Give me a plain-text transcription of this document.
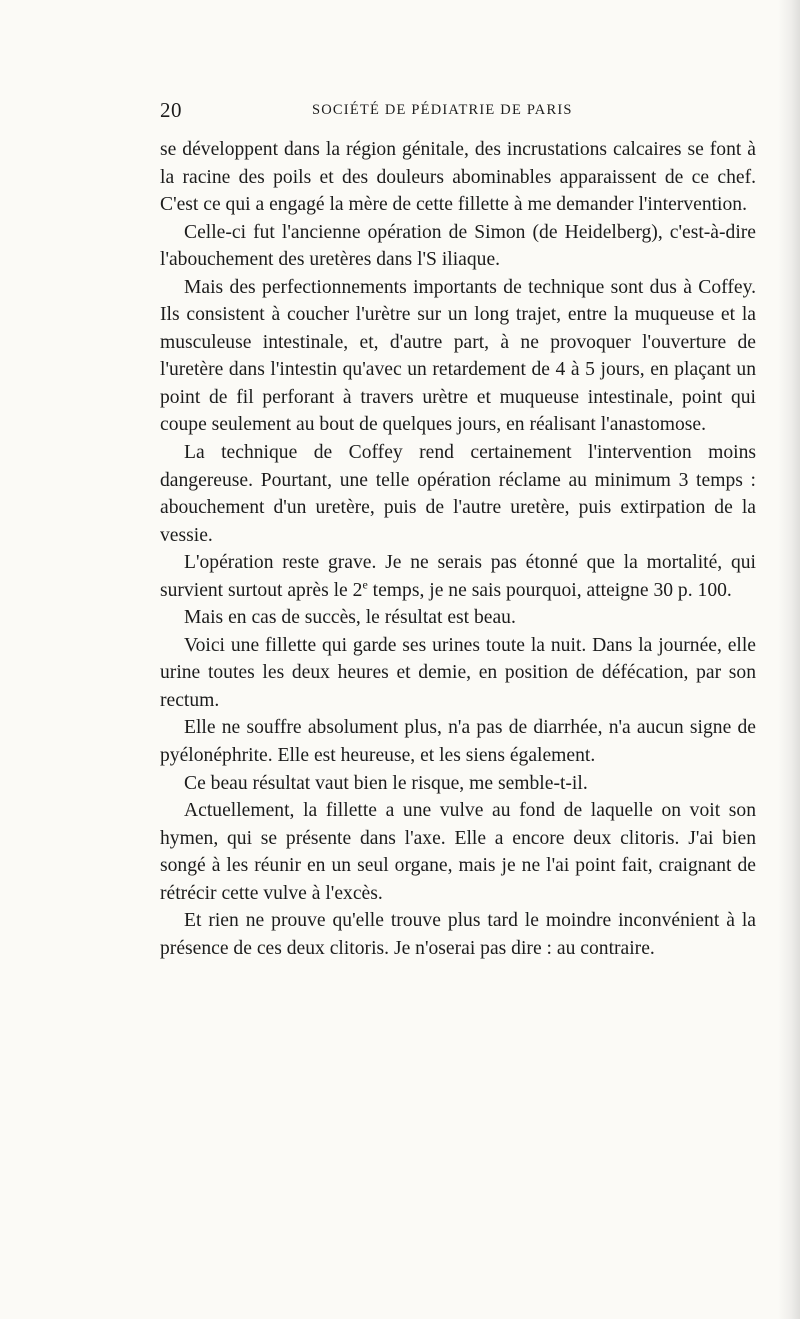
20	SOCIÉTÉ DE PÉDIATRIE DE PARIS

se développent dans la région génitale, des incrustations calcaires se font à la racine des poils et des douleurs abominables apparaissent de ce chef. C'est ce qui a engagé la mère de cette fillette à me demander l'intervention.

Celle-ci fut l'ancienne opération de Simon (de Heidelberg), c'est-à-dire l'abouchement des uretères dans l'S iliaque.

Mais des perfectionnements importants de technique sont dus à Coffey. Ils consistent à coucher l'urètre sur un long trajet, entre la muqueuse et la musculeuse intestinale, et, d'autre part, à ne provoquer l'ouverture de l'uretère dans l'intestin qu'avec un retardement de 4 à 5 jours, en plaçant un point de fil perforant à travers urètre et muqueuse intestinale, point qui coupe seulement au bout de quelques jours, en réalisant l'anastomose.

La technique de Coffey rend certainement l'intervention moins dangereuse. Pourtant, une telle opération réclame au minimum 3 temps : abouchement d'un uretère, puis de l'autre uretère, puis extirpation de la vessie.

L'opération reste grave. Je ne serais pas étonné que la mortalité, qui survient surtout après le 2e temps, je ne sais pourquoi, atteigne 30 p. 100.

Mais en cas de succès, le résultat est beau.

Voici une fillette qui garde ses urines toute la nuit. Dans la journée, elle urine toutes les deux heures et demie, en position de défécation, par son rectum.

Elle ne souffre absolument plus, n'a pas de diarrhée, n'a aucun signe de pyélonéphrite. Elle est heureuse, et les siens également.

Ce beau résultat vaut bien le risque, me semble-t-il.

Actuellement, la fillette a une vulve au fond de laquelle on voit son hymen, qui se présente dans l'axe. Elle a encore deux clitoris. J'ai bien songé à les réunir en un seul organe, mais je ne l'ai point fait, craignant de rétrécir cette vulve à l'excès.

Et rien ne prouve qu'elle trouve plus tard le moindre inconvénient à la présence de ces deux clitoris. Je n'oserai pas dire : au contraire.
